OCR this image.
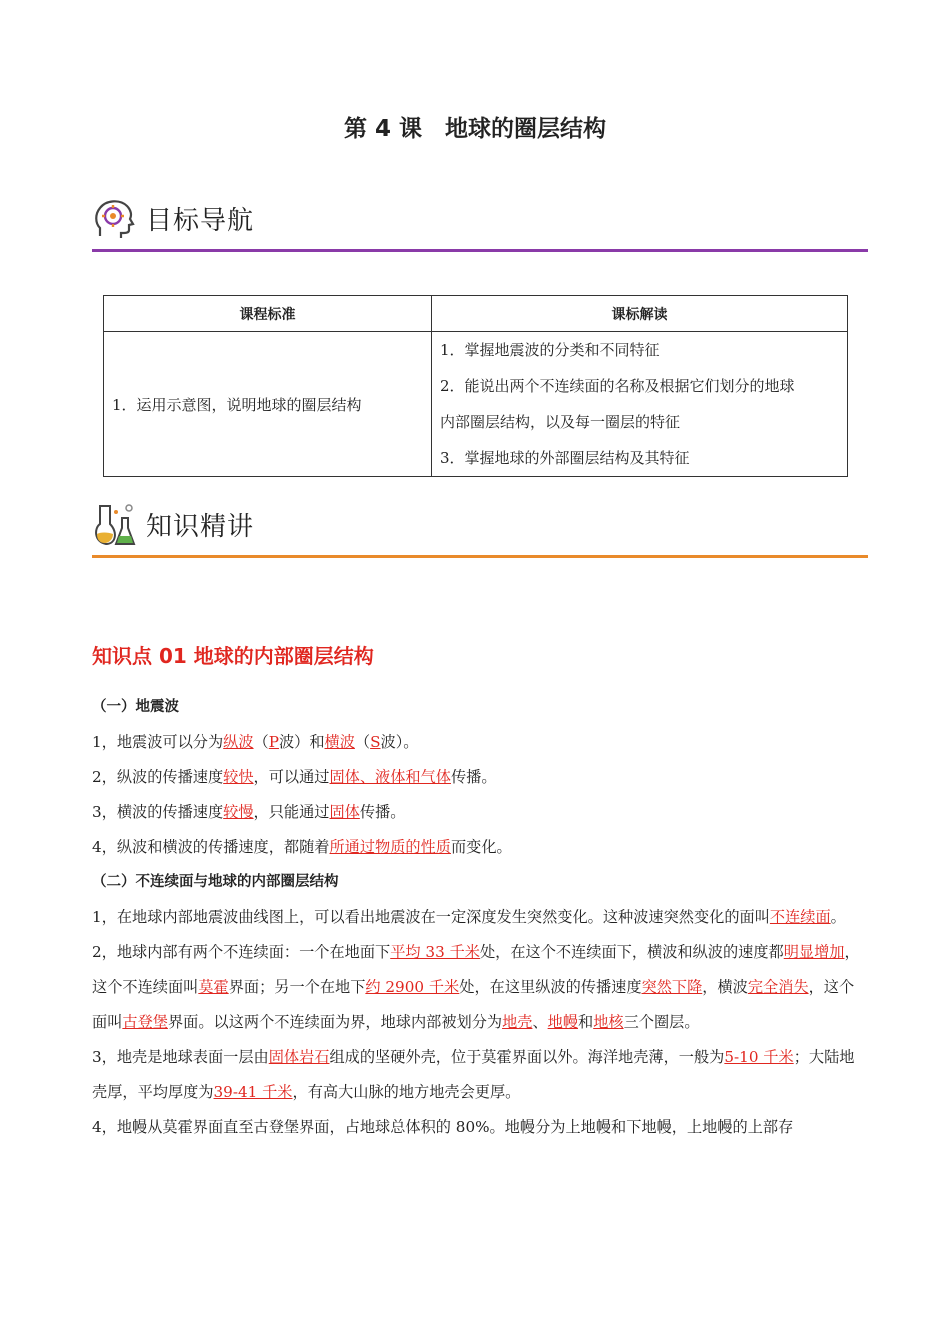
第 4 课　地球的圈层结构
目标导航
课程标准	课标解读
1．运用示意图，说明地球的圈层结构	1．掌握地震波的分类和不同特征
2．能说出两个不连续面的名称及根据它们划分的地球
内部圈层结构，以及每一圈层的特征
3．掌握地球的外部圈层结构及其特征
知识精讲
知识点 01 地球的内部圈层结构

（一）地震波

1，地震波可以分为纵波（P波）和横波（S波）。

2，纵波的传播速度较快，可以通过固体、液体和气体传播。

3，横波的传播速度较慢，只能通过固体传播。

4，纵波和横波的传播速度，都随着所通过物质的性质而变化。

（二）不连续面与地球的内部圈层结构

1，在地球内部地震波曲线图上，可以看出地震波在一定深度发生突然变化。这种波速突然变化的面叫不连续面。

2，地球内部有两个不连续面：一个在地面下平均 33 千米处，在这个不连续面下，横波和纵波的速度都明显增加，这个不连续面叫莫霍界面；另一个在地下约 2900 千米处，在这里纵波的传播速度突然下降，横波完全消失，这个面叫古登堡界面。以这两个不连续面为界，地球内部被划分为地壳、地幔和地核三个圈层。

3，地壳是地球表面一层由固体岩石组成的坚硬外壳，位于莫霍界面以外。海洋地壳薄，一般为5-10 千米；大陆地壳厚，平均厚度为39-41 千米，有高大山脉的地方地壳会更厚。

4，地幔从莫霍界面直至古登堡界面，占地球总体积的 80%。地幔分为上地幔和下地幔，上地幔的上部存
